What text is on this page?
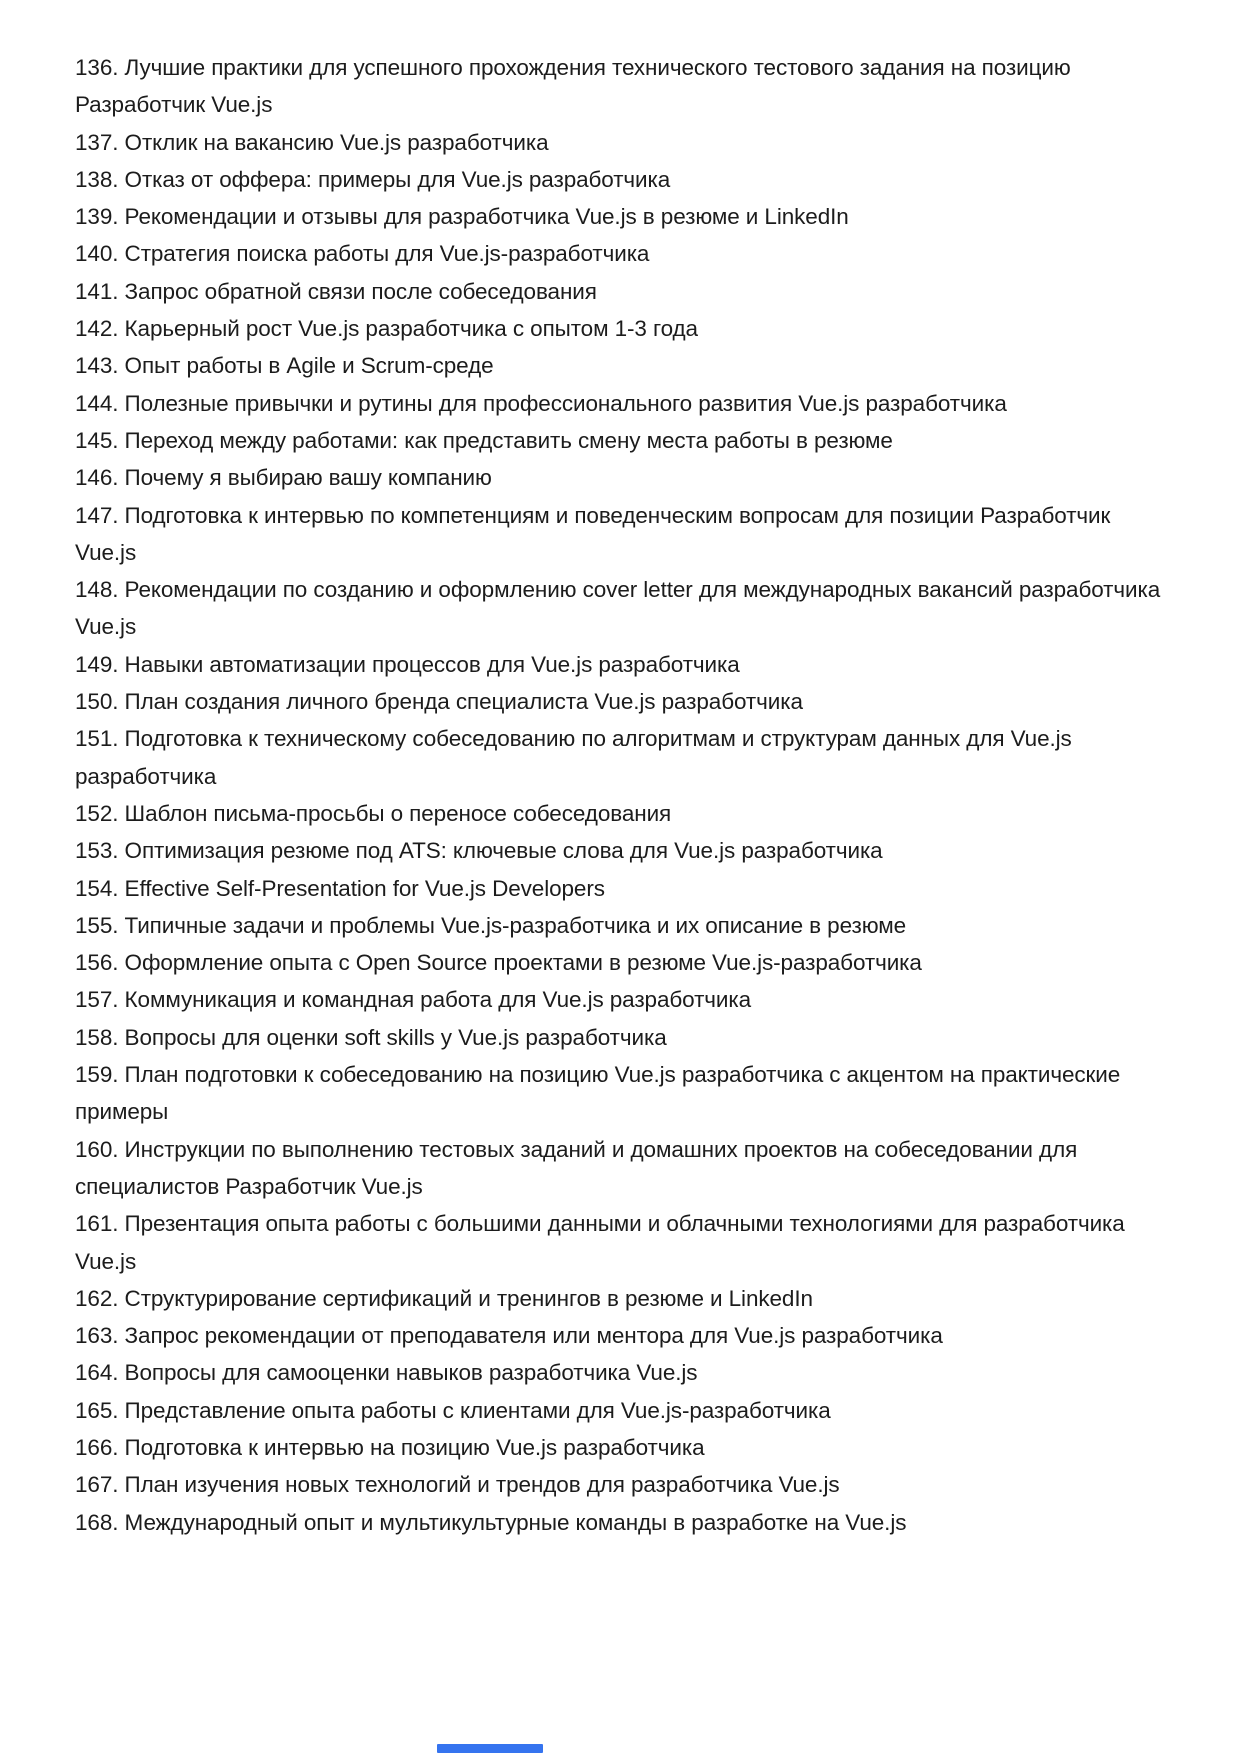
136. Лучшие практики для успешного прохождения технического тестового задания на позицию Разработчик Vue.js

137. Отклик на вакансию Vue.js разработчика

138. Отказ от оффера: примеры для Vue.js разработчика

139. Рекомендации и отзывы для разработчика Vue.js в резюме и LinkedIn

140. Стратегия поиска работы для Vue.js-разработчика

141. Запрос обратной связи после собеседования

142. Карьерный рост Vue.js разработчика с опытом 1-3 года

143. Опыт работы в Agile и Scrum-среде

144. Полезные привычки и рутины для профессионального развития Vue.js разработчика

145. Переход между работами: как представить смену места работы в резюме

146. Почему я выбираю вашу компанию

147. Подготовка к интервью по компетенциям и поведенческим вопросам для позиции Разработчик Vue.js

148. Рекомендации по созданию и оформлению cover letter для международных вакансий разработчика Vue.js

149. Навыки автоматизации процессов для Vue.js разработчика

150. План создания личного бренда специалиста Vue.js разработчика

151. Подготовка к техническому собеседованию по алгоритмам и структурам данных для Vue.js разработчика

152. Шаблон письма-просьбы о переносе собеседования

153. Оптимизация резюме под ATS: ключевые слова для Vue.js разработчика

154. Effective Self-Presentation for Vue.js Developers

155. Типичные задачи и проблемы Vue.js-разработчика и их описание в резюме

156. Оформление опыта с Open Source проектами в резюме Vue.js-разработчика

157. Коммуникация и командная работа для Vue.js разработчика

158. Вопросы для оценки soft skills у Vue.js разработчика

159. План подготовки к собеседованию на позицию Vue.js разработчика с акцентом на практические примеры

160. Инструкции по выполнению тестовых заданий и домашних проектов на собеседовании для специалистов Разработчик Vue.js

161. Презентация опыта работы с большими данными и облачными технологиями для разработчика Vue.js

162. Структурирование сертификаций и тренингов в резюме и LinkedIn

163. Запрос рекомендации от преподавателя или ментора для Vue.js разработчика

164. Вопросы для самооценки навыков разработчика Vue.js

165. Представление опыта работы с клиентами для Vue.js-разработчика

166. Подготовка к интервью на позицию Vue.js разработчика

167. План изучения новых технологий и трендов для разработчика Vue.js

168. Международный опыт и мультикультурные команды в разработке на Vue.js
